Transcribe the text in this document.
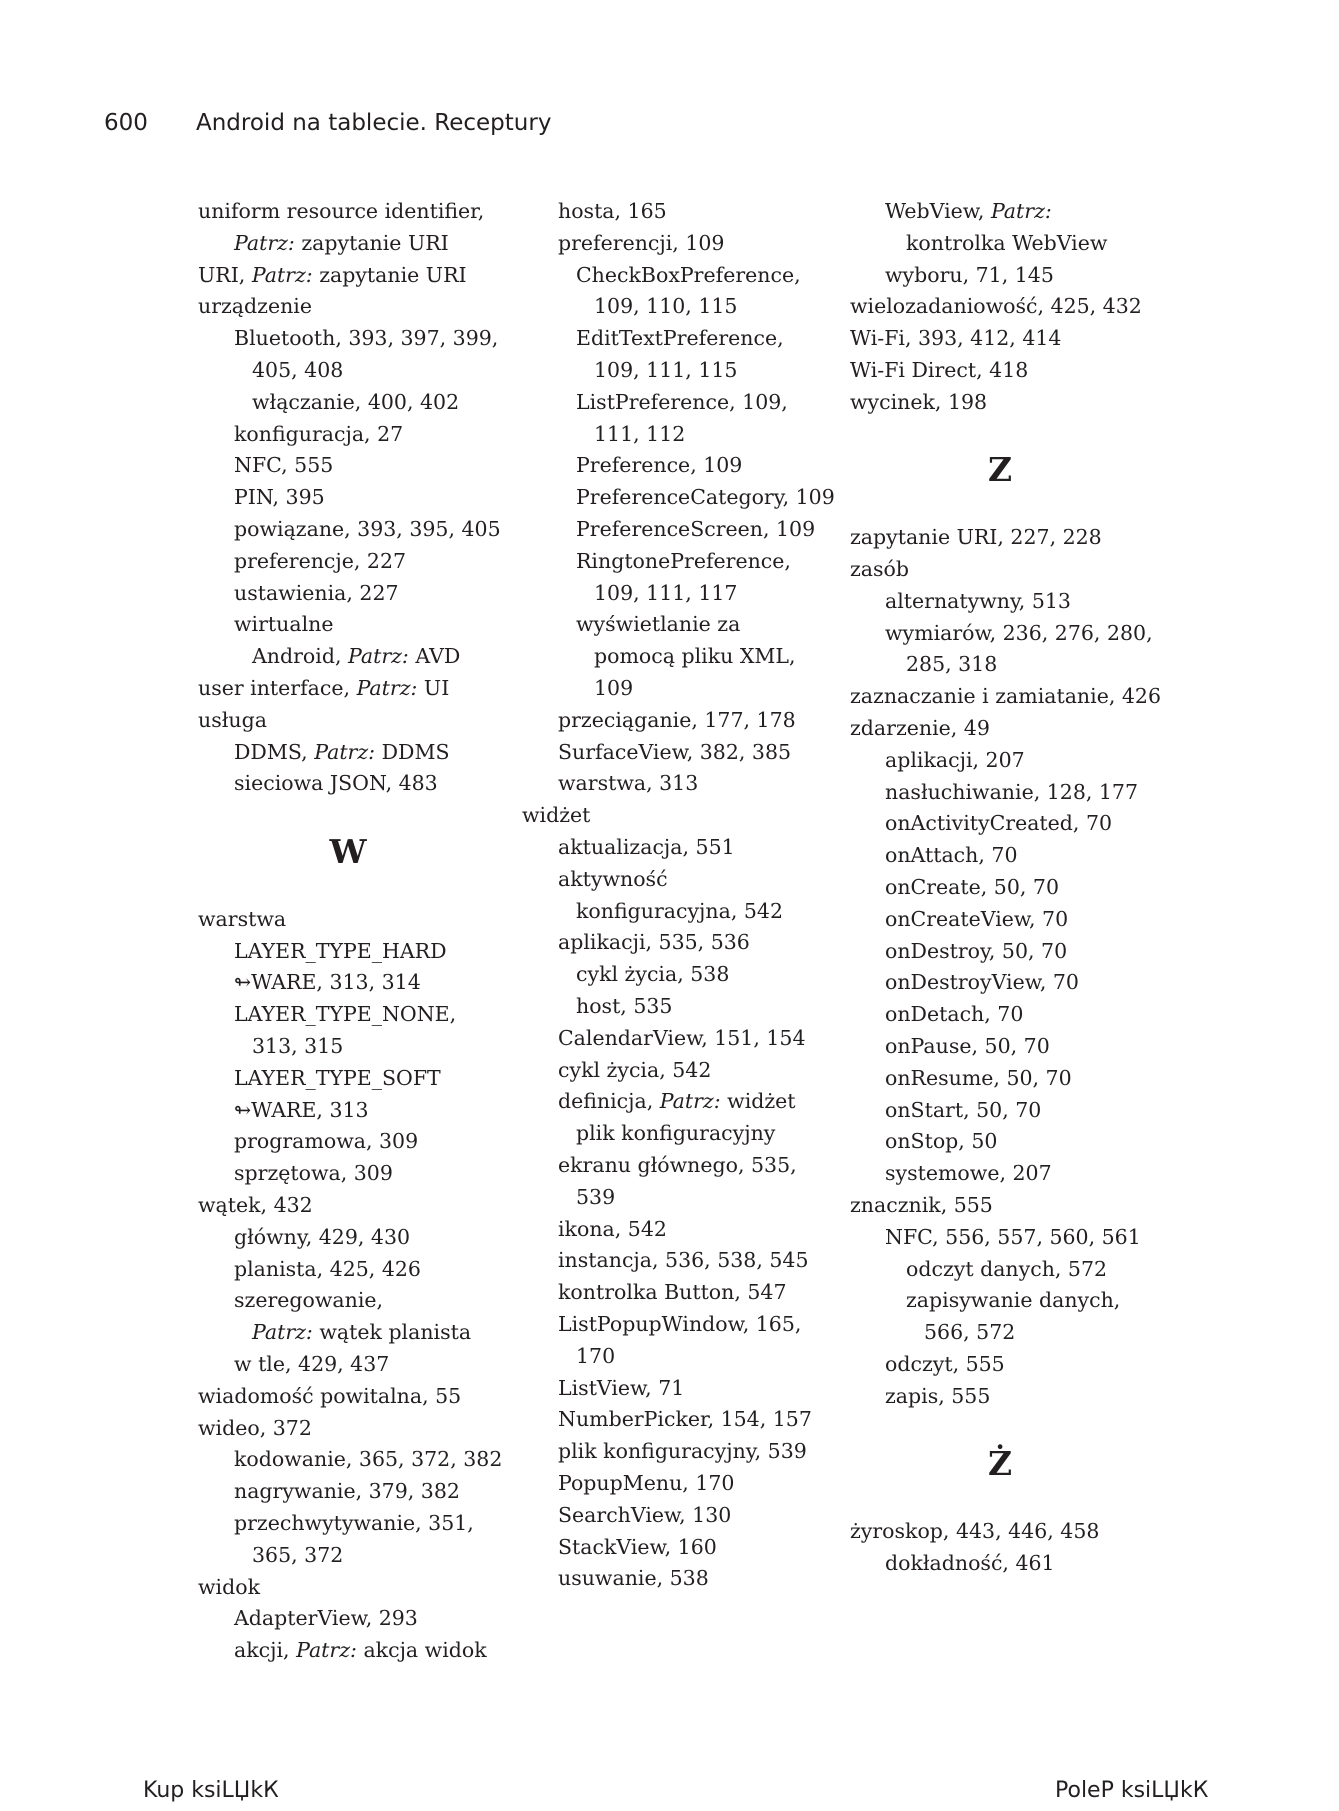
600 Android na tablecie. Receptury
uniform resource identifier,
Patrz: zapytanie URI
URI, Patrz: zapytanie URI
urządzenie
Bluetooth, 393, 397, 399,
405, 408
włączanie, 400, 402
konfiguracja, 27
NFC, 555
PIN, 395
powiązane, 393, 395, 405
preferencje, 227
ustawienia, 227
wirtualne
Android, Patrz: AVD
user interface, Patrz: UI
usługa
DDMS, Patrz: DDMS
sieciowa JSON, 483
W
warstwa
LAYER_TYPE_HARD
↬WARE, 313, 314
LAYER_TYPE_NONE,
313, 315
LAYER_TYPE_SOFT
↬WARE, 313
programowa, 309
sprzętowa, 309
wątek, 432
główny, 429, 430
planista, 425, 426
szeregowanie,
Patrz: wątek planista
w tle, 429, 437
wiadomość powitalna, 55
wideo, 372
kodowanie, 365, 372, 382
nagrywanie, 379, 382
przechwytywanie, 351,
365, 372
widok
AdapterView, 293
akcji, Patrz: akcja widok
hosta, 165
preferencji, 109
CheckBoxPreference,
109, 110, 115
EditTextPreference,
109, 111, 115
ListPreference, 109,
111, 112
Preference, 109
PreferenceCategory, 109
PreferenceScreen, 109
RingtonePreference,
109, 111, 117
wyświetlanie za
pomocą pliku XML,
109
przeciąganie, 177, 178
SurfaceView, 382, 385
warstwa, 313
widżet
aktualizacja, 551
aktywność
konfiguracyjna, 542
aplikacji, 535, 536
cykl życia, 538
host, 535
CalendarView, 151, 154
cykl życia, 542
definicja, Patrz: widżet
plik konfiguracyjny
ekranu głównego, 535,
539
ikona, 542
instancja, 536, 538, 545
kontrolka Button, 547
ListPopupWindow, 165,
170
ListView, 71
NumberPicker, 154, 157
plik konfiguracyjny, 539
PopupMenu, 170
SearchView, 130
StackView, 160
usuwanie, 538
WebView, Patrz:
kontrolka WebView
wyboru, 71, 145
wielozadaniowość, 425, 432
Wi-Fi, 393, 412, 414
Wi-Fi Direct, 418
wycinek, 198
Z
zapytanie URI, 227, 228
zasób
alternatywny, 513
wymiarów, 236, 276, 280,
285, 318
zaznaczanie i zamiatanie, 426
zdarzenie, 49
aplikacji, 207
nasłuchiwanie, 128, 177
onActivityCreated, 70
onAttach, 70
onCreate, 50, 70
onCreateView, 70
onDestroy, 50, 70
onDestroyView, 70
onDetach, 70
onPause, 50, 70
onResume, 50, 70
onStart, 50, 70
onStop, 50
systemowe, 207
znacznik, 555
NFC, 556, 557, 560, 561
odczyt danych, 572
zapisywanie danych,
566, 572
odczyt, 555
zapis, 555
Ż
żyroskop, 443, 446, 458
dokładność, 461
Kup ksiLЏkК	PoleР ksiLЏkК
